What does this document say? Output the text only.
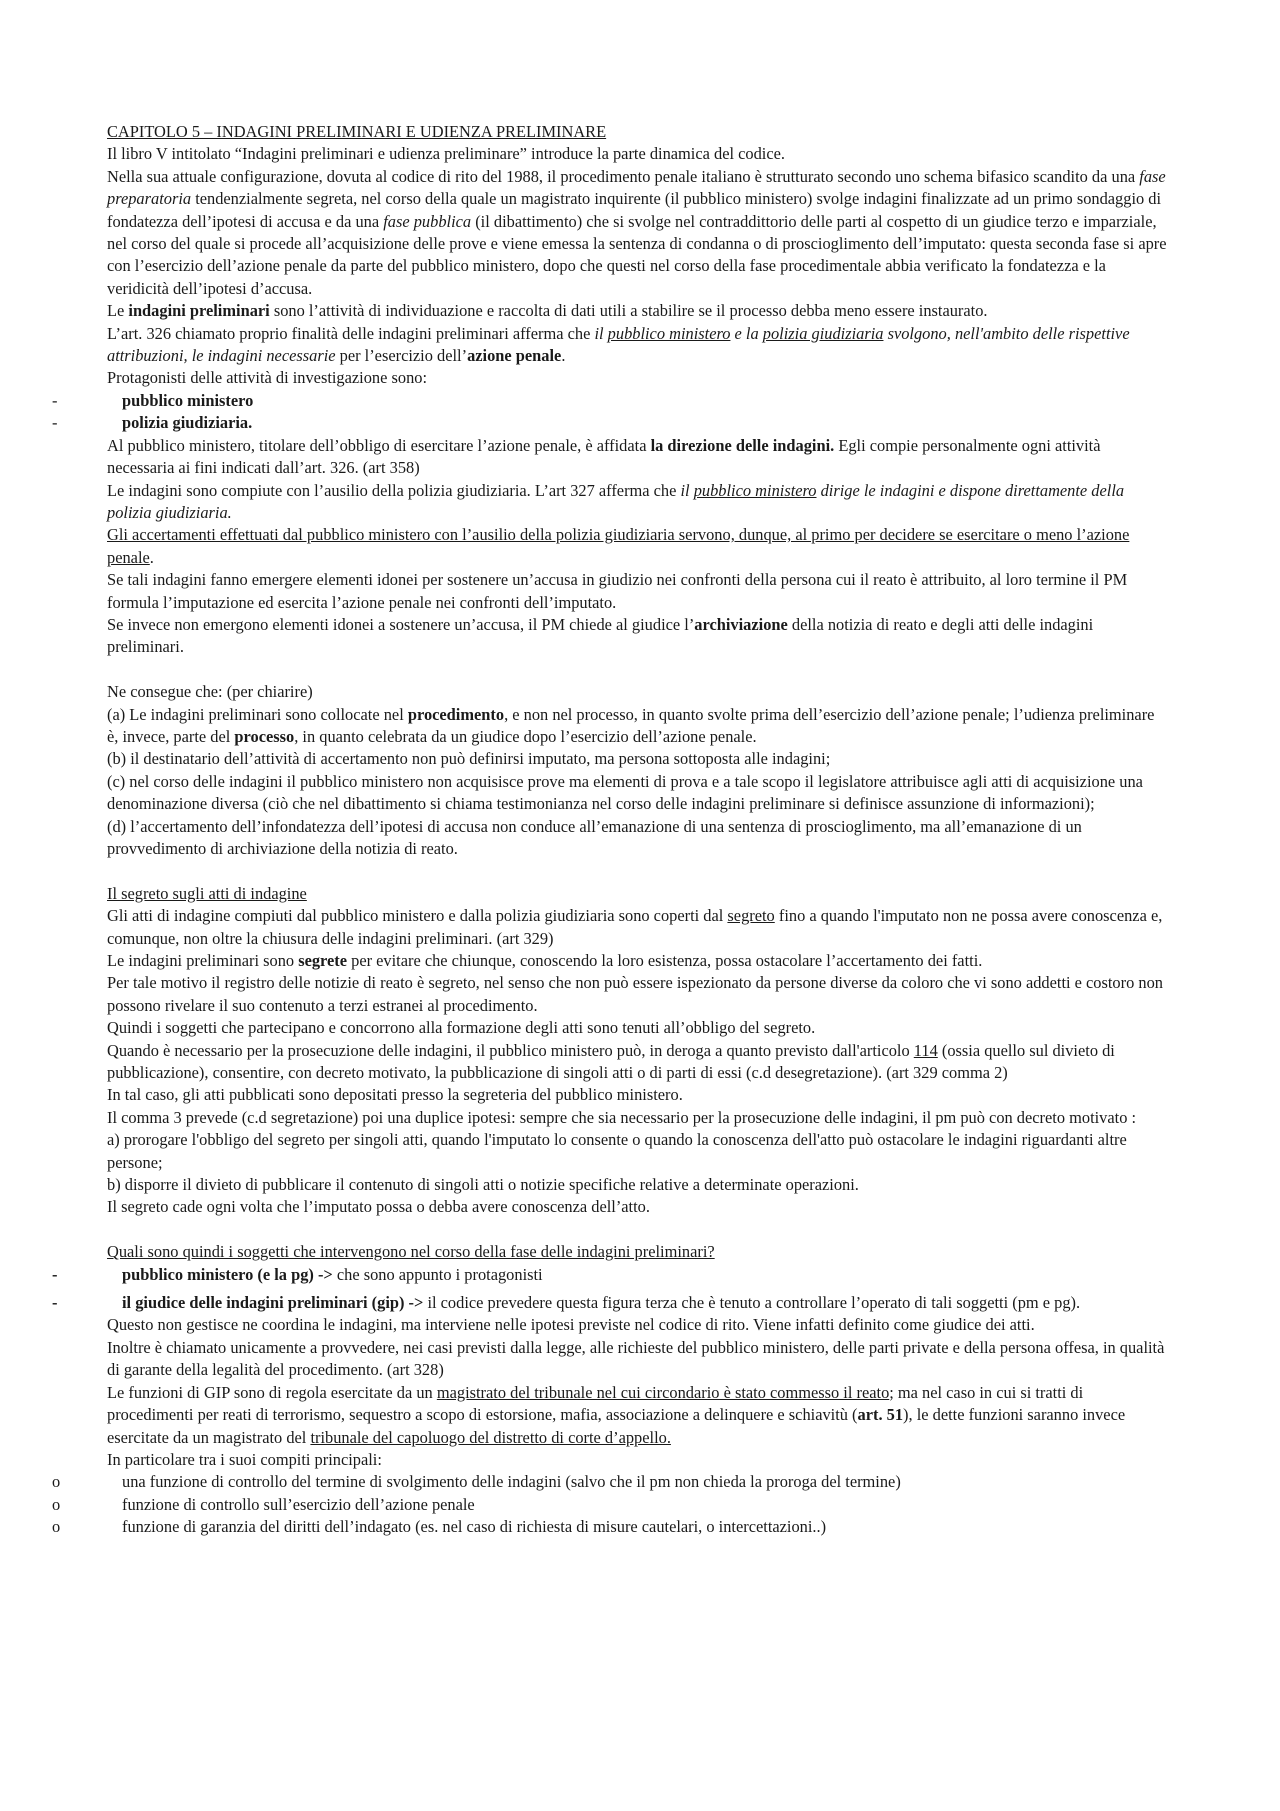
CAPITOLO 5 – INDAGINI PRELIMINARI E UDIENZA PRELIMINARE

Il libro V intitolato “Indagini preliminari e udienza preliminare” introduce la parte dinamica del codice.

Nella sua attuale configurazione, dovuta al codice di rito del 1988, il procedimento penale italiano è strutturato secondo uno schema bifasico scandito da una fase preparatoria tendenzialmente segreta, nel corso della quale un magistrato inquirente (il pubblico ministero) svolge indagini finalizzate ad un primo sondaggio di fondatezza dell’ipotesi di accusa e da una fase pubblica (il dibattimento) che si svolge nel contraddittorio delle parti al cospetto di un giudice terzo e imparziale, nel corso del quale si procede all’acquisizione delle prove e viene emessa la sentenza di condanna o di proscioglimento dell’imputato: questa seconda fase si apre con l’esercizio dell’azione penale da parte del pubblico ministero, dopo che questi nel corso della fase procedimentale abbia verificato la fondatezza e la veridicità dell’ipotesi d’accusa.

Le indagini preliminari sono l’attività di individuazione e raccolta di dati utili a stabilire se il processo debba meno essere instaurato.

L’art. 326 chiamato proprio finalità delle indagini preliminari afferma che il pubblico ministero e la polizia giudiziaria svolgono, nell'ambito delle rispettive attribuzioni, le indagini necessarie per l’esercizio dell’azione penale.

Protagonisti delle attività di investigazione sono:

-	pubblico ministero

-	polizia giudiziaria.

Al pubblico ministero, titolare dell’obbligo di esercitare l’azione penale, è affidata la direzione delle indagini. Egli compie personalmente ogni attività necessaria ai fini indicati dall’art. 326. (art 358)

Le indagini sono compiute con l’ausilio della polizia giudiziaria. L’art 327 afferma che il pubblico ministero dirige le indagini e dispone direttamente della polizia giudiziaria.

Gli accertamenti effettuati dal pubblico ministero con l’ausilio della polizia giudiziaria servono, dunque, al primo per decidere se esercitare o meno l’azione penale.

Se tali indagini fanno emergere elementi idonei per sostenere un’accusa in giudizio nei confronti della persona cui il reato è attribuito, al loro termine il PM formula l’imputazione ed esercita l’azione penale nei confronti dell’imputato.

Se invece non emergono elementi idonei a sostenere un’accusa, il PM chiede al giudice l’archiviazione della notizia di reato e degli atti delle indagini preliminari.

Ne consegue che: (per chiarire)

(a) Le indagini preliminari sono collocate nel procedimento, e non nel processo, in quanto svolte prima dell’esercizio dell’azione penale; l’udienza preliminare è, invece, parte del processo, in quanto celebrata da un giudice dopo l’esercizio dell’azione penale.

(b) il destinatario dell’attività di accertamento non può definirsi imputato, ma persona sottoposta alle indagini;

(c) nel corso delle indagini il pubblico ministero non acquisisce prove ma elementi di prova e a tale scopo il legislatore attribuisce agli atti di acquisizione una denominazione diversa (ciò che nel dibattimento si chiama testimonianza nel corso delle indagini preliminare si definisce assunzione di informazioni);

(d) l’accertamento dell’infondatezza dell’ipotesi di accusa non conduce all’emanazione di una sentenza di proscioglimento, ma all’emanazione di un provvedimento di archiviazione della notizia di reato.

Il segreto sugli atti di indagine

Gli atti di indagine compiuti dal pubblico ministero e dalla polizia giudiziaria sono coperti dal segreto fino a quando l'imputato non ne possa avere conoscenza e, comunque, non oltre la chiusura delle indagini preliminari. (art 329)

Le indagini preliminari sono segrete per evitare che chiunque, conoscendo la loro esistenza, possa ostacolare l’accertamento dei fatti.

Per tale motivo il registro delle notizie di reato è segreto, nel senso che non può essere ispezionato da persone diverse da coloro che vi sono addetti e costoro non possono rivelare il suo contenuto a terzi estranei al procedimento.

Quindi i soggetti che partecipano e concorrono alla formazione degli atti sono tenuti all’obbligo del segreto.

Quando è necessario per la prosecuzione delle indagini, il pubblico ministero può, in deroga a quanto previsto dall'articolo 114 (ossia quello sul divieto di pubblicazione), consentire, con decreto motivato, la pubblicazione di singoli atti o di parti di essi (c.d desegretazione). (art 329 comma 2)

In tal caso, gli atti pubblicati sono depositati presso la segreteria del pubblico ministero.

Il comma 3 prevede (c.d segretazione) poi una duplice ipotesi: sempre che sia necessario per la prosecuzione delle indagini, il pm può con decreto motivato :

a) prorogare l'obbligo del segreto per singoli atti, quando l'imputato lo consente o quando la conoscenza dell'atto può ostacolare le indagini riguardanti altre persone;

b) disporre il divieto di pubblicare il contenuto di singoli atti o notizie specifiche relative a determinate operazioni.

Il segreto cade ogni volta che l’imputato possa o debba avere conoscenza dell’atto.

Quali sono quindi i soggetti che intervengono nel corso della fase delle indagini preliminari?

-	pubblico ministero (e la pg) -> che sono appunto i protagonisti

-	il giudice delle indagini preliminari (gip) -> il codice prevedere questa figura terza che è tenuto a controllare l’operato di tali soggetti (pm e pg).

Questo non gestisce ne coordina le indagini, ma interviene nelle ipotesi previste nel codice di rito. Viene infatti definito come giudice dei atti.

Inoltre è chiamato unicamente a provvedere, nei casi previsti dalla legge, alle richieste del pubblico ministero, delle parti private e della persona offesa, in qualità di garante della legalità del procedimento. (art 328)

Le funzioni di GIP sono di regola esercitate da un magistrato del tribunale nel cui circondario è stato commesso il reato; ma nel caso in cui si tratti di procedimenti per reati di terrorismo, sequestro a scopo di estorsione, mafia, associazione a delinquere e schiavitù (art. 51), le dette funzioni saranno invece esercitate da un magistrato del tribunale del capoluogo del distretto di corte d’appello.

In particolare tra i suoi compiti principali:

o	una funzione di controllo del termine di svolgimento delle indagini (salvo che il pm non chieda la proroga del termine)

o	funzione di controllo sull’esercizio dell’azione penale

o	funzione di garanzia del diritti dell’indagato (es. nel caso di richiesta di misure cautelari, o intercettazioni..)
